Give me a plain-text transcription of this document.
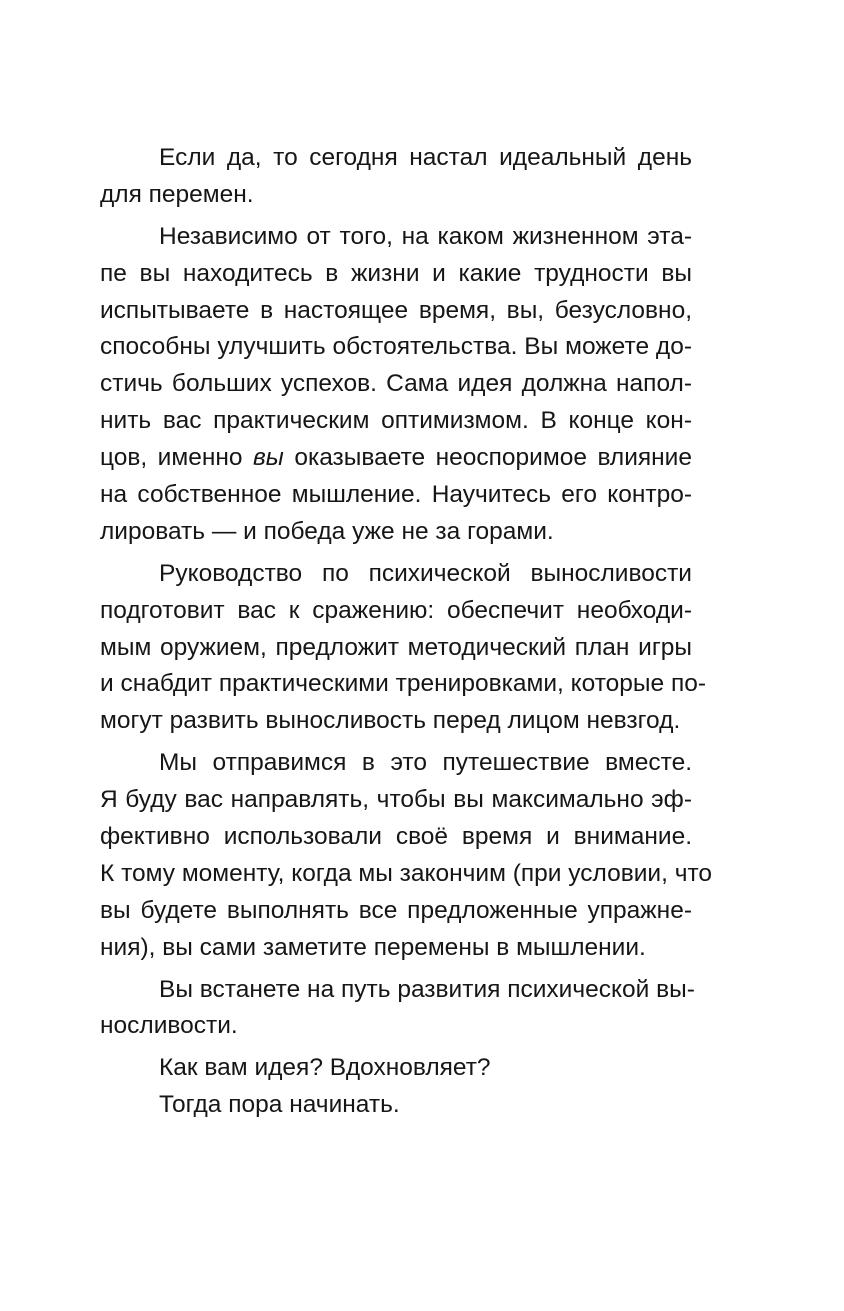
Если да, то сегодня настал идеальный день
для перемен.
Независимо от того, на каком жизненном эта-
пе вы находитесь в жизни и какие трудности вы
испытываете в настоящее время, вы, безусловно,
способны улучшить обстоятельства. Вы можете до-
стичь больших успехов. Сама идея должна напол-
нить вас практическим оптимизмом. В конце кон-
цов, именно вы оказываете неоспоримое влияние
на собственное мышление. Научитесь его контро-
лировать — и победа уже не за горами.
Руководство по психической выносливости
подготовит вас к сражению: обеспечит необходи-
мым оружием, предложит методический план игры
и снабдит практическими тренировками, которые по-
могут развить выносливость перед лицом невзгод.
Мы отправимся в это путешествие вместе.
Я буду вас направлять, чтобы вы максимально эф-
фективно использовали своё время и внимание.
К тому моменту, когда мы закончим (при условии, что
вы будете выполнять все предложенные упражне-
ния), вы сами заметите перемены в мышлении.
Вы встанете на путь развития психической вы-
носливости.
Как вам идея? Вдохновляет?
Тогда пора начинать.
